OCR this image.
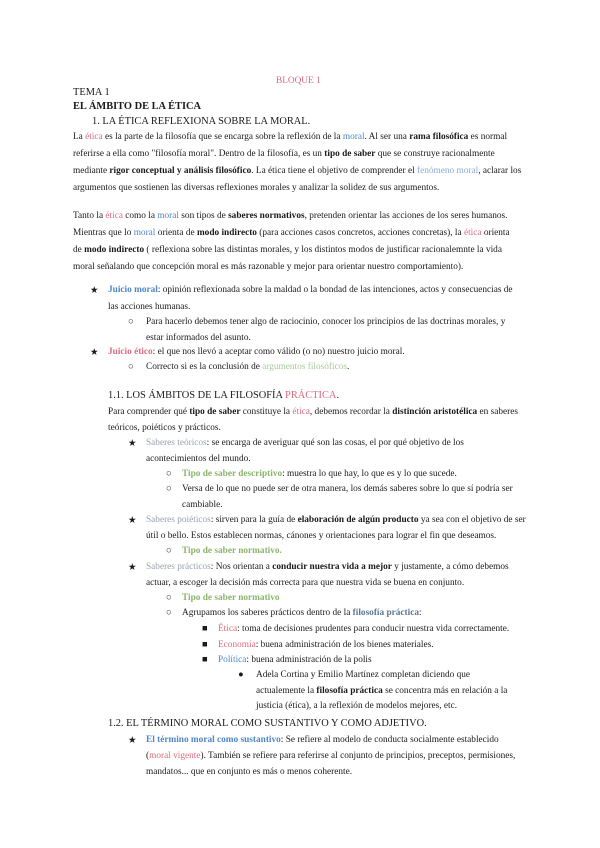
BLOQUE 1
TEMA 1
EL ÁMBITO DE LA ÉTICA
1. LA ÉTICA REFLEXIONA SOBRE LA MORAL.
La ética es la parte de la filosofía que se encarga sobre la reflexión de la moral. Al ser una rama filosófica es normal
referirse a ella como "filosofía moral". Dentro de la filosofía, es un tipo de saber que se construye racionalmente
mediante rigor conceptual y análisis filosófico. La ética tiene el objetivo de comprender el fenómeno moral, aclarar los
argumentos que sostienen las diversas reflexiones morales y analizar la solidez de sus argumentos.
Tanto la ética como la moral son tipos de saberes normativos, pretenden orientar las acciones de los seres humanos.
Mientras que lo moral orienta de modo indirecto (para acciones casos concretos, acciones concretas), la ética orienta
de modo indirecto ( reflexiona sobre las distintas morales, y los distintos modos de justificar racionalemnte la vida
moral señalando que concepción moral es más razonable y mejor para orientar nuestro comportamiento).
★ Juicio moral: opinión reflexionada sobre la maldad o la bondad de las intenciones, actos y consecuencias de
las acciones humanas.
○ Para hacerlo debemos tener algo de raciocinio, conocer los principios de las doctrinas morales, y
estar informados del asunto.
★ Juicio ético: el que nos llevó a aceptar como válido (o no) nuestro juicio moral.
○ Correcto si es la conclusión de argumentos filosóficos.
1.1. LOS ÁMBITOS DE LA FILOSOFÍA PRÁCTICA.
Para comprender qué tipo de saber constituye la ética, debemos recordar la distinción aristotélica en saberes
teóricos, poiéticos y prácticos.
★ Saberes teóricos: se encarga de averiguar qué son las cosas, el por qué objetivo de los
acontecimientos del mundo.
○ Tipo de saber descriptivo: muestra lo que hay, lo que es y lo que sucede.
○ Versa de lo que no puede ser de otra manera, los demás saberes sobre lo que sí podría ser
cambiable.
★ Saberes poiéticos: sirven para la guía de elaboración de algún producto ya sea con el objetivo de ser
útil o bello. Estos establecen normas, cánones y orientaciones para lograr el fin que deseamos.
○ Tipo de saber normativo.
★ Saberes prácticos: Nos orientan a conducir nuestra vida a mejor y justamente, a cómo debemos
actuar, a escoger la decisión más correcta para que nuestra vida se buena en conjunto.
○ Tipo de saber normativo
○ Agrupamos los saberes prácticos dentro de la filosofía práctica:
■ Ética: toma de decisiones prudentes para conducir nuestra vida correctamente.
■ Economía: buena administración de los bienes materiales.
■ Política: buena administración de la polis
● Adela Cortina y Emilio Martínez completan diciendo que
actualemente la filosofía práctica se concentra más en relación a la
justicia (ética), a la reflexión de modelos mejores, etc.
1.2. EL TÉRMINO MORAL COMO SUSTANTIVO Y COMO ADJETIVO.
★ El término moral como sustantivo: Se refiere al modelo de conducta socialmente establecido
(moral vigente). También se refiere para referirse al conjunto de principios, preceptos, permisiones,
mandatos... que en conjunto es más o menos coherente.
